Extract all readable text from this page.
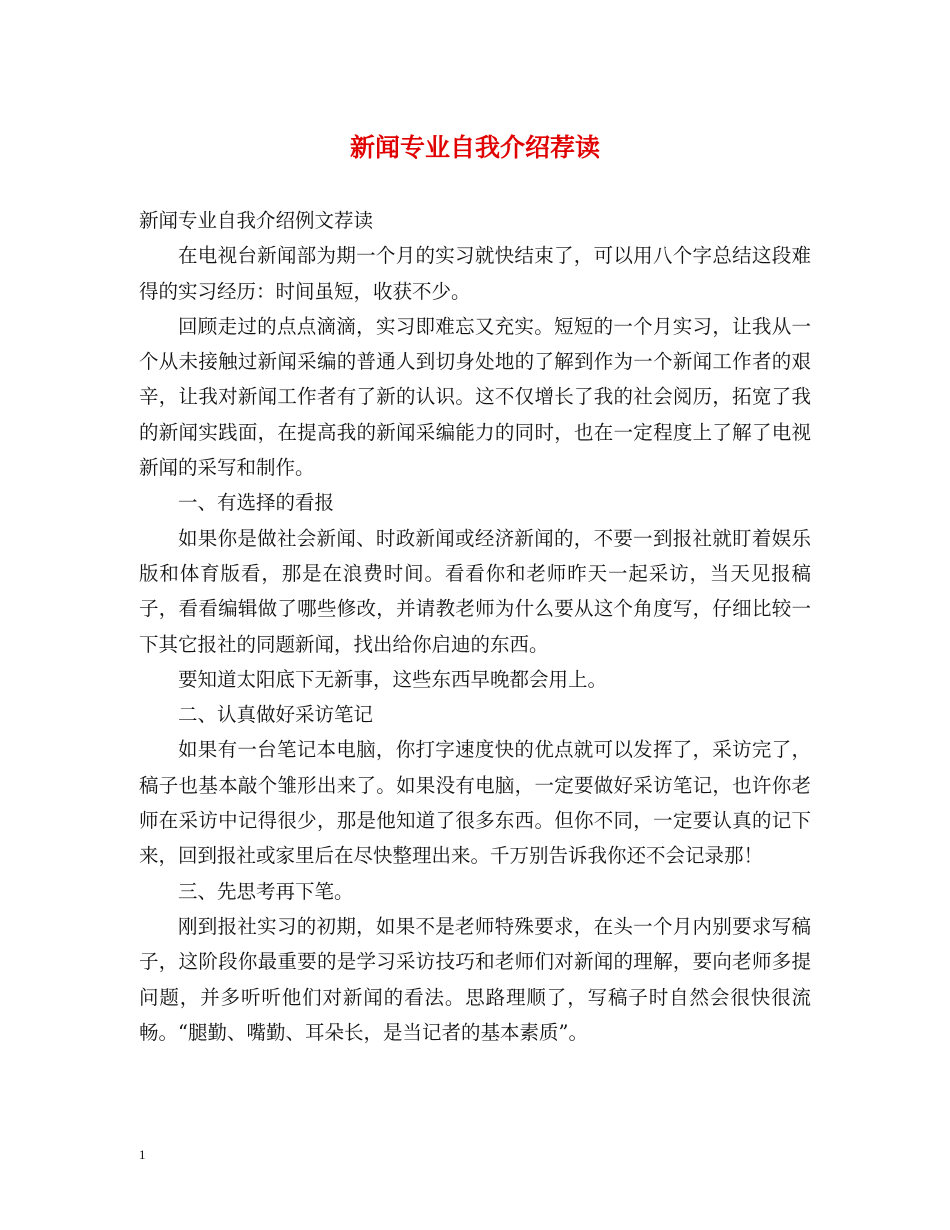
新闻专业自我介绍荐读

新闻专业自我介绍例文荐读

在电视台新闻部为期一个月的实习就快结束了，可以用八个字总结这段难得的实习经历：时间虽短，收获不少。

回顾走过的点点滴滴，实习即难忘又充实。短短的一个月实习，让我从一个从未接触过新闻采编的普通人到切身处地的了解到作为一个新闻工作者的艰辛，让我对新闻工作者有了新的认识。这不仅增长了我的社会阅历，拓宽了我的新闻实践面，在提高我的新闻采编能力的同时，也在一定程度上了解了电视新闻的采写和制作。

一、有选择的看报

如果你是做社会新闻、时政新闻或经济新闻的，不要一到报社就盯着娱乐版和体育版看，那是在浪费时间。看看你和老师昨天一起采访，当天见报稿子，看看编辑做了哪些修改，并请教老师为什么要从这个角度写，仔细比较一下其它报社的同题新闻，找出给你启迪的东西。

要知道太阳底下无新事，这些东西早晚都会用上。

二、认真做好采访笔记

如果有一台笔记本电脑，你打字速度快的优点就可以发挥了，采访完了，稿子也基本敲个雏形出来了。如果没有电脑，一定要做好采访笔记，也许你老师在采访中记得很少，那是他知道了很多东西。但你不同，一定要认真的记下来，回到报社或家里后在尽快整理出来。千万别告诉我你还不会记录那！

三、先思考再下笔。

刚到报社实习的初期，如果不是老师特殊要求，在头一个月内别要求写稿子，这阶段你最重要的是学习采访技巧和老师们对新闻的理解，要向老师多提问题，并多听听他们对新闻的看法。思路理顺了，写稿子时自然会很快很流畅。“腿勤、嘴勤、耳朵长，是当记者的基本素质”。

1
